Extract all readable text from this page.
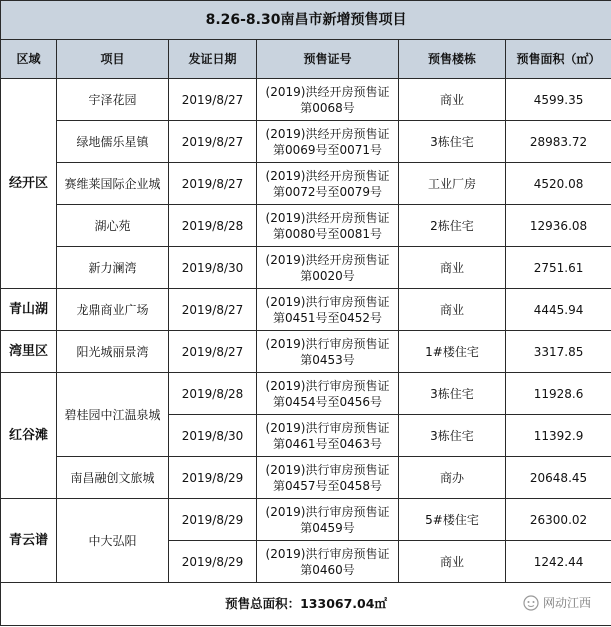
8.26-8.30南昌市新增预售项目					
区域	项目	发证日期	预售证号	预售楼栋	预售面积（㎡）
经开区	宇泽花园	2019/8/27	(2019)洪经开房预售证
第0068号	商业	4599.35
	绿地儒乐星镇	2019/8/27	(2019)洪经开房预售证
第0069号至0071号	3栋住宅	28983.72
	赛维莱国际企业城	2019/8/27	(2019)洪经开房预售证
第0072号至0079号	工业厂房	4520.08
	湖心苑	2019/8/28	(2019)洪经开房预售证
第0080号至0081号	2栋住宅	12936.08
	新力澜湾	2019/8/30	(2019)洪经开房预售证
第0020号	商业	2751.61
青山湖	龙鼎商业广场	2019/8/27	(2019)洪行审房预售证
第0451号至0452号	商业	4445.94
湾里区	阳光城丽景湾	2019/8/27	(2019)洪行审房预售证
第0453号	1#楼住宅	3317.85
红谷滩	碧桂园中江温泉城	2019/8/28	(2019)洪行审房预售证
第0454号至0456号	3栋住宅	11928.6
		2019/8/30	(2019)洪行审房预售证
第0461号至0463号	3栋住宅	11392.9
	南昌融创文旅城	2019/8/29	(2019)洪行审房预售证
第0457号至0458号	商办	20648.45
青云谱	中大弘阳	2019/8/29	(2019)洪行审房预售证
第0459号	5#楼住宅	26300.02
		2019/8/29	(2019)洪行审房预售证
第0460号	商业	1242.44
预售总面积：133067.04㎡						网动江西
